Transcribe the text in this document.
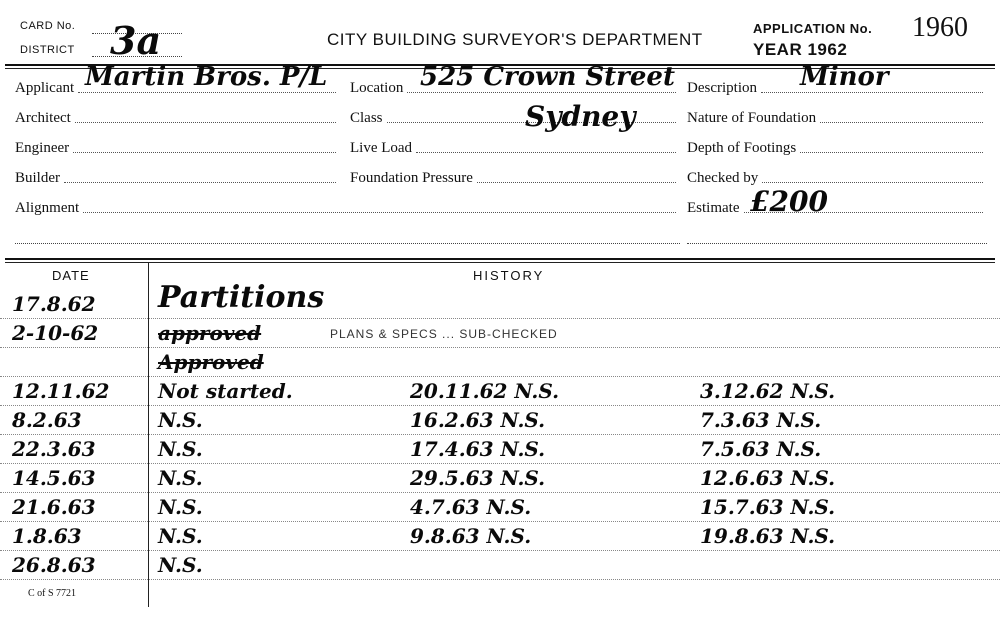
CARD No.
DISTRICT 3a	CITY BUILDING SURVEYOR'S DEPARTMENT
APPLICATION No. 1960
YEAR 1962
Applicant Martin Bros. P/L
Architect
Engineer
Builder
Alignment
Location 525 Crown Street
Class	Sydney
Live Load
Foundation Pressure
Description Minor
Nature of Foundation
Depth of Footings
Checked by
Estimate £200
DATE	HISTORY
17.8.62 Partitions
2-10-62	approved	PLANS & SPECS ... SUB-CHECKED
Approved
12.11.62 Not started.	20.11.62 N.S.	3.12.62 N.S.
8.2.63	N.S.	16.2.63 N.S.	7.3.63 N.S.
22.3.63	N.S.	17.4.63 N.S.	7.5.63 N.S.
14.5.63	N.S.	29.5.63 N.S.	12.6.63 N.S.
21.6.63	N.S.	4.7.63 N.S.	15.7.63 N.S.
1.8.63	N.S.	9.8.63 N.S.	19.8.63 N.S.
26.8.63	N.S.
C of S 7721
